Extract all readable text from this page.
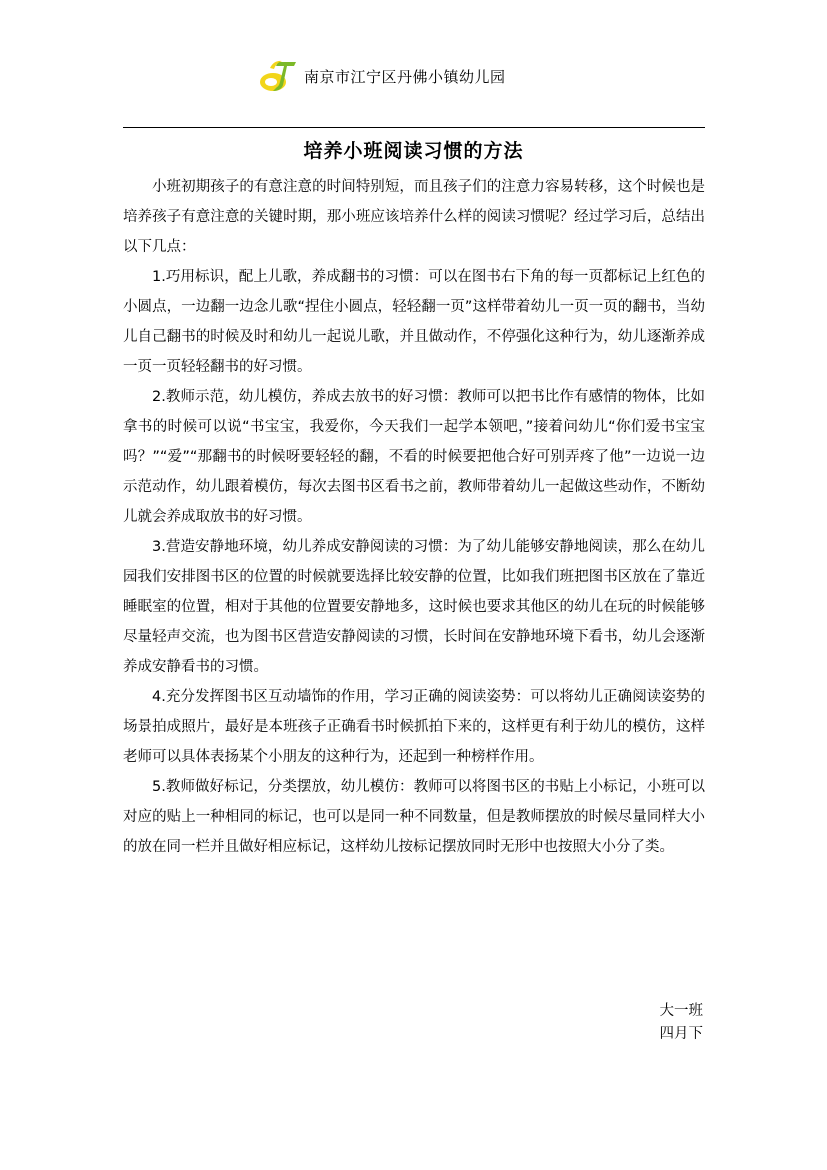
南京市江宁区丹佛小镇幼儿园
培养小班阅读习惯的方法

小班初期孩子的有意注意的时间特别短，而且孩子们的注意力容易转移，这个时候也是培养孩子有意注意的关键时期，那小班应该培养什么样的阅读习惯呢？经过学习后，总结出以下几点：

1.巧用标识，配上儿歌，养成翻书的习惯：可以在图书右下角的每一页都标记上红色的小圆点，一边翻一边念儿歌“捏住小圆点，轻轻翻一页”这样带着幼儿一页一页的翻书，当幼儿自己翻书的时候及时和幼儿一起说儿歌，并且做动作，不停强化这种行为，幼儿逐渐养成一页一页轻轻翻书的好习惯。

2.教师示范，幼儿模仿，养成去放书的好习惯：教师可以把书比作有感情的物体，比如拿书的时候可以说“书宝宝，我爱你，今天我们一起学本领吧，”接着问幼儿“你们爱书宝宝吗？”“爱”“那翻书的时候呀要轻轻的翻，不看的时候要把他合好可别弄疼了他”一边说一边示范动作，幼儿跟着模仿，每次去图书区看书之前，教师带着幼儿一起做这些动作，不断幼儿就会养成取放书的好习惯。

3.营造安静地环境，幼儿养成安静阅读的习惯：为了幼儿能够安静地阅读，那么在幼儿园我们安排图书区的位置的时候就要选择比较安静的位置，比如我们班把图书区放在了靠近睡眠室的位置，相对于其他的位置要安静地多，这时候也要求其他区的幼儿在玩的时候能够尽量轻声交流，也为图书区营造安静阅读的习惯，长时间在安静地环境下看书，幼儿会逐渐养成安静看书的习惯。

4.充分发挥图书区互动墙饰的作用，学习正确的阅读姿势：可以将幼儿正确阅读姿势的场景拍成照片，最好是本班孩子正确看书时候抓拍下来的，这样更有利于幼儿的模仿，这样老师可以具体表扬某个小朋友的这种行为，还起到一种榜样作用。

5.教师做好标记，分类摆放，幼儿模仿：教师可以将图书区的书贴上小标记，小班可以对应的贴上一种相同的标记，也可以是同一种不同数量，但是教师摆放的时候尽量同样大小的放在同一栏并且做好相应标记，这样幼儿按标记摆放同时无形中也按照大小分了类。

大一班
四月下
